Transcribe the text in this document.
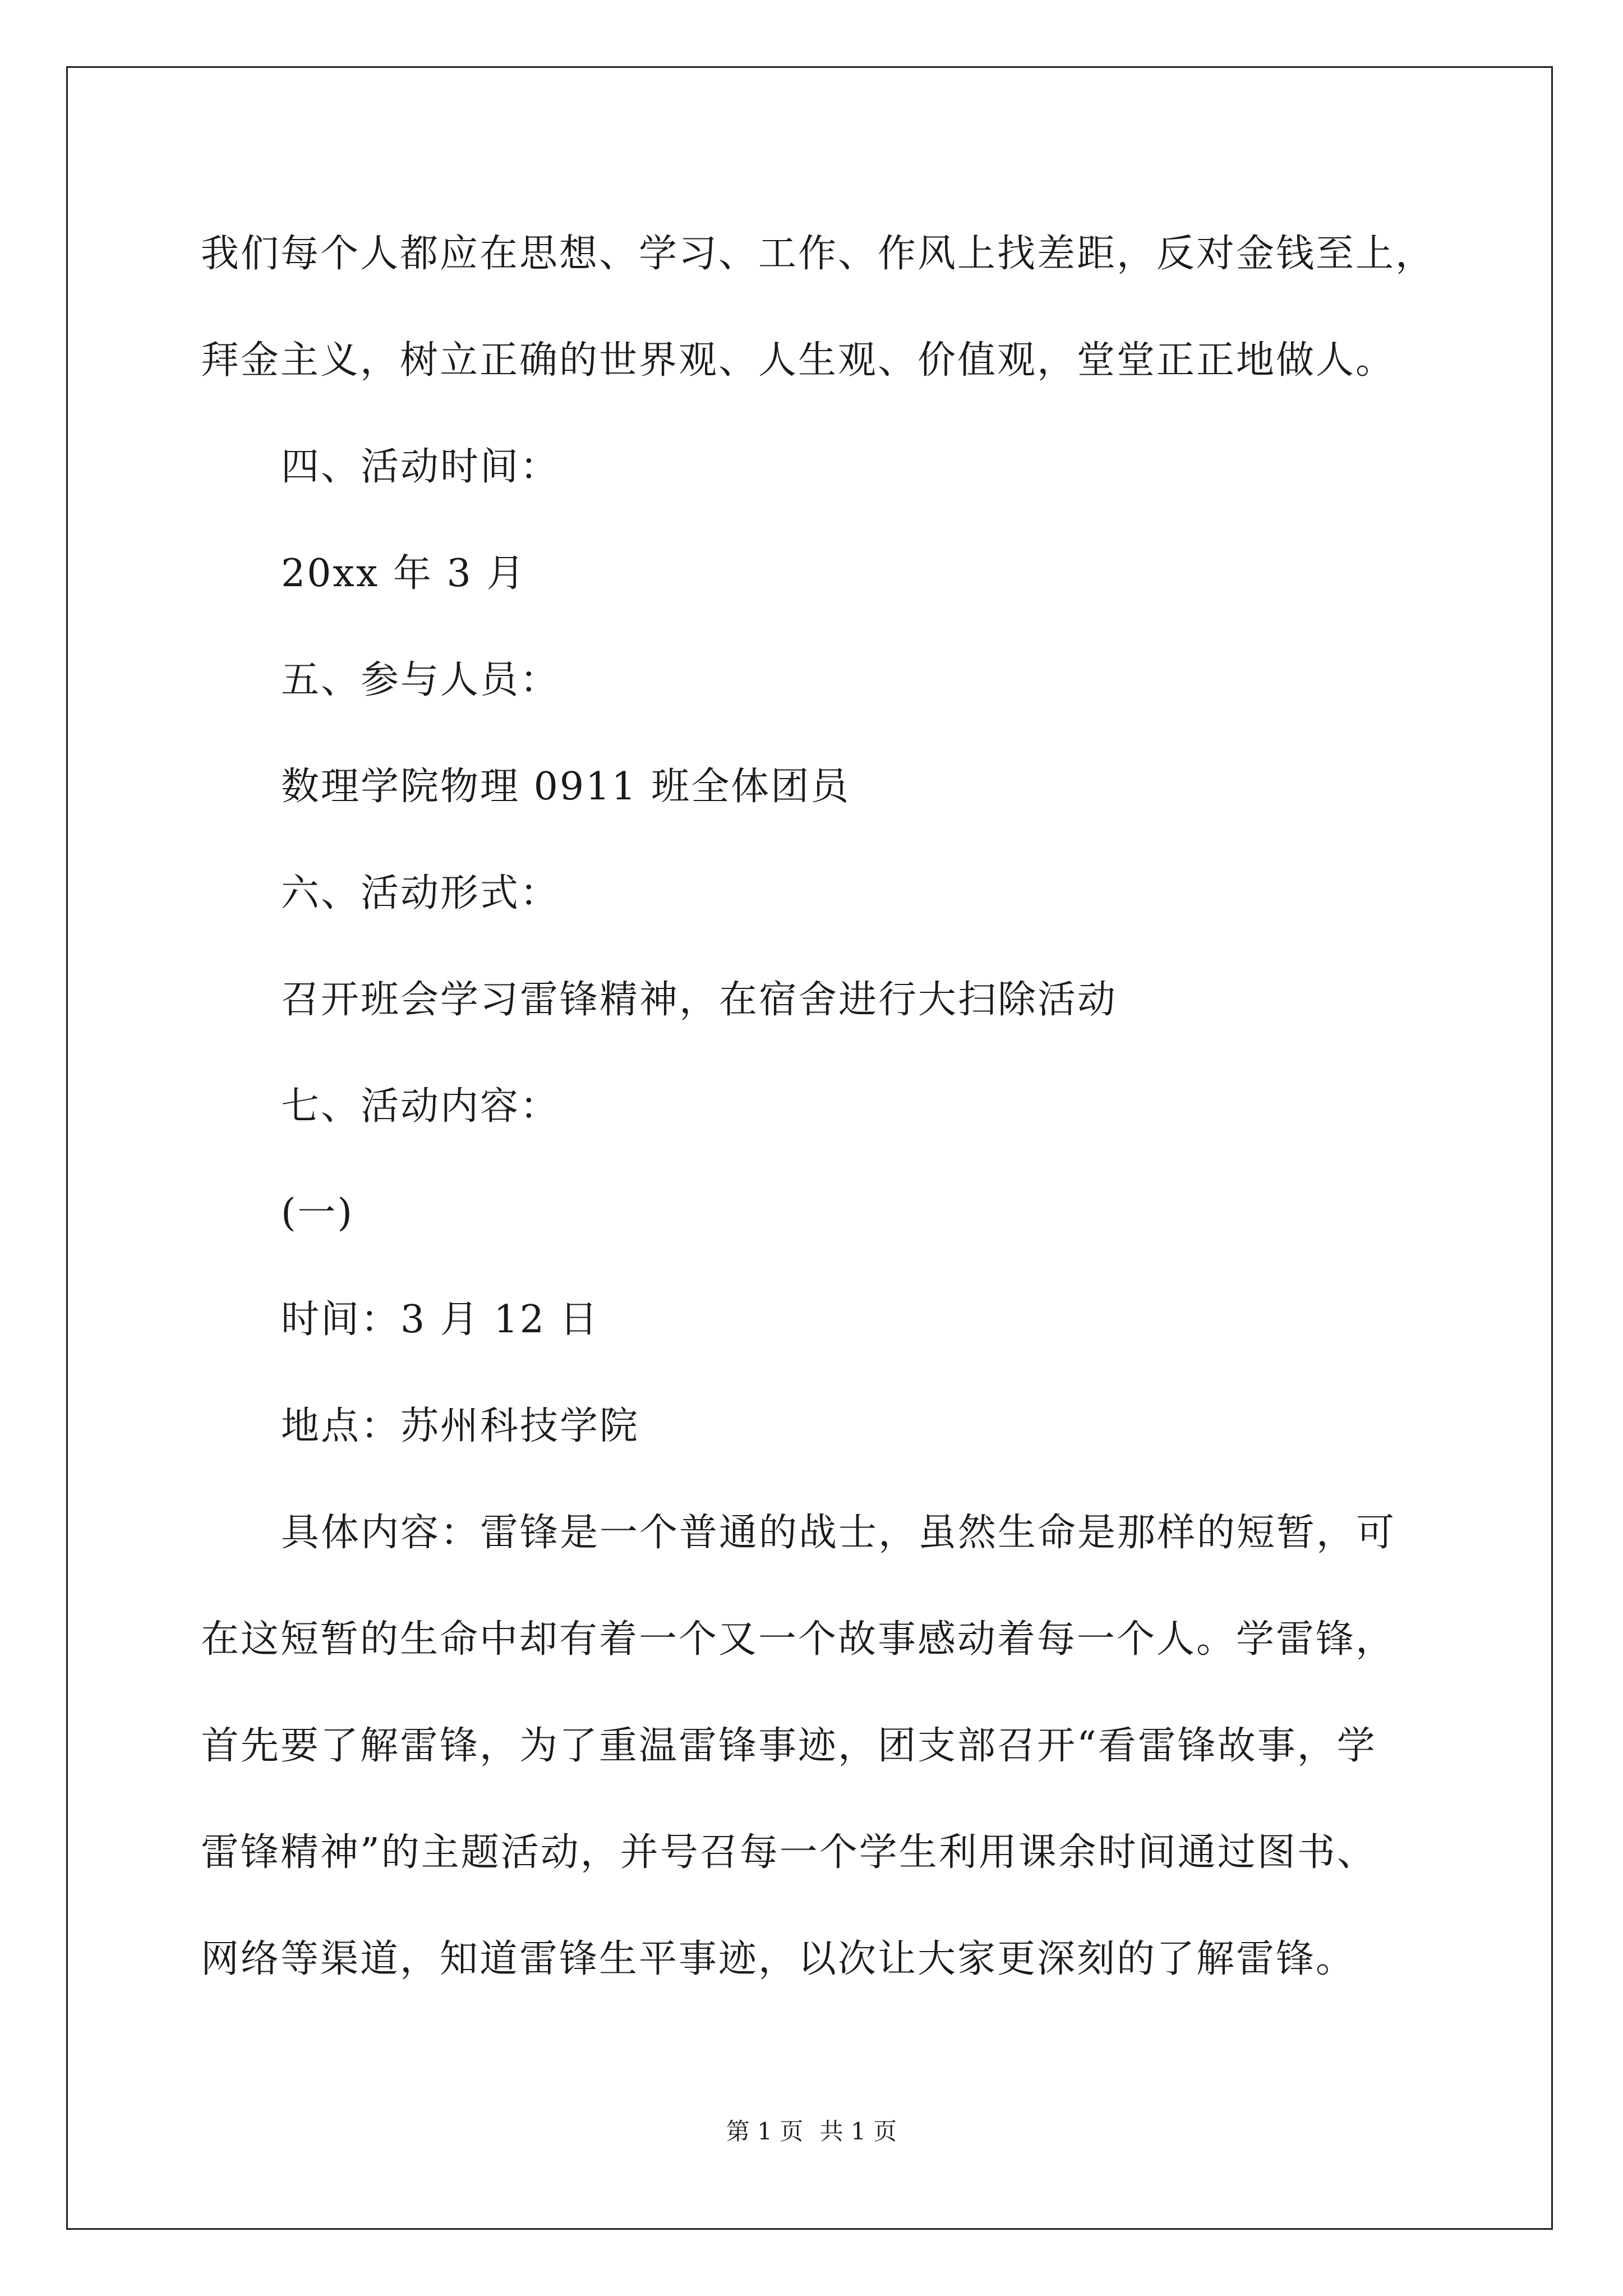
我们每个人都应在思想、学习、工作、作风上找差距，反对金钱至上，
拜金主义，树立正确的世界观、人生观、价值观，堂堂正正地做人。
四、活动时间：
20xx 年 3 月
五、参与人员：
数理学院物理 0911 班全体团员
六、活动形式：
召开班会学习雷锋精神，在宿舍进行大扫除活动
七、活动内容：
(一)
时间：3 月 12 日
地点：苏州科技学院
具体内容：雷锋是一个普通的战士，虽然生命是那样的短暂，可
在这短暂的生命中却有着一个又一个故事感动着每一个人。学雷锋，
首先要了解雷锋，为了重温雷锋事迹，团支部召开“看雷锋故事，学
雷锋精神”的主题活动，并号召每一个学生利用课余时间通过图书、
网络等渠道，知道雷锋生平事迹，以次让大家更深刻的了解雷锋。
第 1 页 共 1 页
